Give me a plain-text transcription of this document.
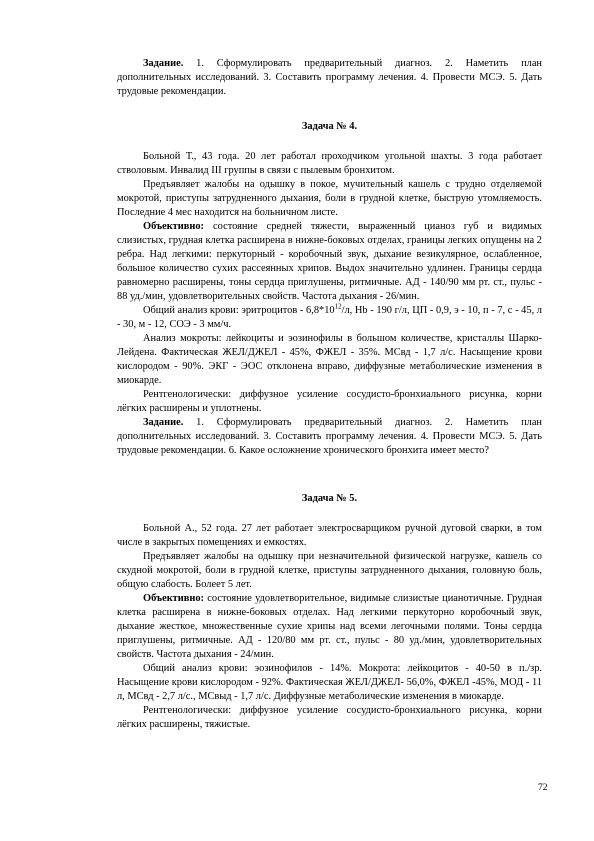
Задание. 1. Сформулировать предварительный диагноз. 2. Наметить план дополнительных исследований. 3. Составить программу лечения. 4. Провести МСЭ. 5. Дать трудовые рекомендации.

Задача № 4.

Больной Т., 43 года. 20 лет работал проходчиком угольной шахты. 3 года работает стволовым. Инвалид III группы в связи с пылевым бронхитом.

Предъявляет жалобы на одышку в покое, мучительный кашель с трудно отделяемой мокротой, приступы затрудненного дыхания, боли в грудной клетке, быструю утомляемость. Последние 4 мес находится на больничном листе.

Объективно: состояние средней тяжести, выраженный цианоз губ и видимых слизистых, грудная клетка расширена в нижне-боковых отделах, границы легких опущены на 2 ребра. Над легкими: перкуторный - коробочный звук, дыхание везикулярное, ослабленное, большое количество сухих рассеянных хрипов. Выдох значительно удлинен. Границы сердца равномерно расширены, тоны сердца приглушены, ритмичные. АД - 140/90 мм рт. ст., пульс - 88 уд./мин, удовлетворительных свойств. Частота дыхания - 26/мин.

Общий анализ крови: эритроцитов - $6,8*10^{12}/л$, Hb - 190 г/л, ЦП - 0,9, э - 10, п - 7, с - 45, л - 30, м - 12, СОЭ - 3 мм/ч.

Анализ мокроты: лейкоциты и эозинофилы в большом количестве, кристаллы Шарко-Лейдена. Фактическая ЖЕЛ/ДЖЕЛ - 45%, ФЖЕЛ - 35%. МСвд - 1,7 л/с. Насыщение крови кислородом - 90%. ЭКГ - ЭОС отклонена вправо, диффузные метаболические изменения в миокарде.

Рентгенологически: диффузное усиление сосудисто-бронхиального рисунка, корни лёгких расширены и уплотнены.

Задание. 1. Сформулировать предварительный диагноз. 2. Наметить план дополнительных исследований. 3. Составить программу лечения. 4. Провести МСЭ. 5. Дать трудовые рекомендации. 6. Какое осложнение хронического бронхита имеет место?

Задача № 5.

Больной А., 52 года. 27 лет работает электросварщиком ручной дуговой сварки, в том числе в закрытых помещениях и емкостях.

Предъявляет жалобы на одышку при незначительной физической нагрузке, кашель со скудной мокротой, боли в грудной клетке, приступы затрудненного дыхания, головную боль, общую слабость. Болеет 5 лет.

Объективно: состояние удовлетворительное, видимые слизистые цианотичные. Грудная клетка расширена в нижне-боковых отделах. Над легкими перкуторно коробочный звук, дыхание жесткое, множественные сухие хрипы над всеми легочными полями. Тоны сердца приглушены, ритмичные. АД - 120/80 мм рт. ст., пульс - 80 уд./мин, удовлетворительных свойств. Частота дыхания - 24/мин.

Общий анализ крови: эозинофилов - 14%. Мокрота: лейкоцитов - 40-50 в п./зр. Насыщение крови кислородом - 92%. Фактическая ЖЕЛ/ДЖЕЛ- 56,0%, ФЖЕЛ -45%, МОД - 11 л, МСвд - 2,7 л/с., МСвыд - 1,7 л/с. Диффузные метаболические изменения в миокарде.

Рентгенологически: диффузное усиление сосудисто-бронхиального рисунка, корни лёгких расширены, тяжистые.

72
